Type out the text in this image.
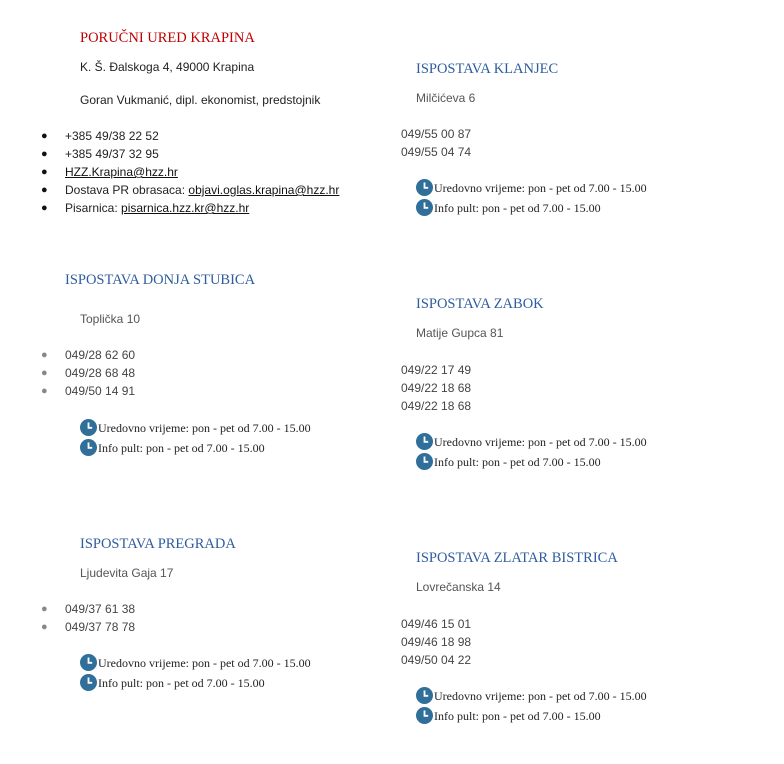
PORUČNI URED KRAPINA
K. Š. Đalskoga 4, 49000 Krapina
Goran Vukmanić, dipl. ekonomist, predstojnik
● +385 49/38 22 52
● +385 49/37 32 95
● HZZ.Krapina@hzz.hr
● Dostava PR obrasaca: objavi.oglas.krapina@hzz.hr
● Pisarnica: pisarnica.hzz.kr@hzz.hr
ISPOSTAVA DONJA STUBICA
Toplička 10
● 049/28 62 60
● 049/28 68 48
● 049/50 14 91
Uredovno vrijeme: pon - pet od 7.00 - 15.00
Info pult: pon - pet od 7.00 - 15.00
ISPOSTAVA PREGRADA
Ljudevita Gaja 17
● 049/37 61 38
● 049/37 78 78
Uredovno vrijeme: pon - pet od 7.00 - 15.00
Info pult: pon - pet od 7.00 - 15.00
ISPOSTAVA KLANJEC
Milčićeva 6
049/55 00 87
049/55 04 74
Uredovno vrijeme: pon - pet od 7.00 - 15.00
Info pult: pon - pet od 7.00 - 15.00
ISPOSTAVA ZABOK
Matije Gupca 81
049/22 17 49
049/22 18 68
049/22 18 68
Uredovno vrijeme: pon - pet od 7.00 - 15.00
Info pult: pon - pet od 7.00 - 15.00
ISPOSTAVA ZLATAR BISTRICA
Lovrečanska 14
049/46 15 01
049/46 18 98
049/50 04 22
Uredovno vrijeme: pon - pet od 7.00 - 15.00
Info pult: pon - pet od 7.00 - 15.00
